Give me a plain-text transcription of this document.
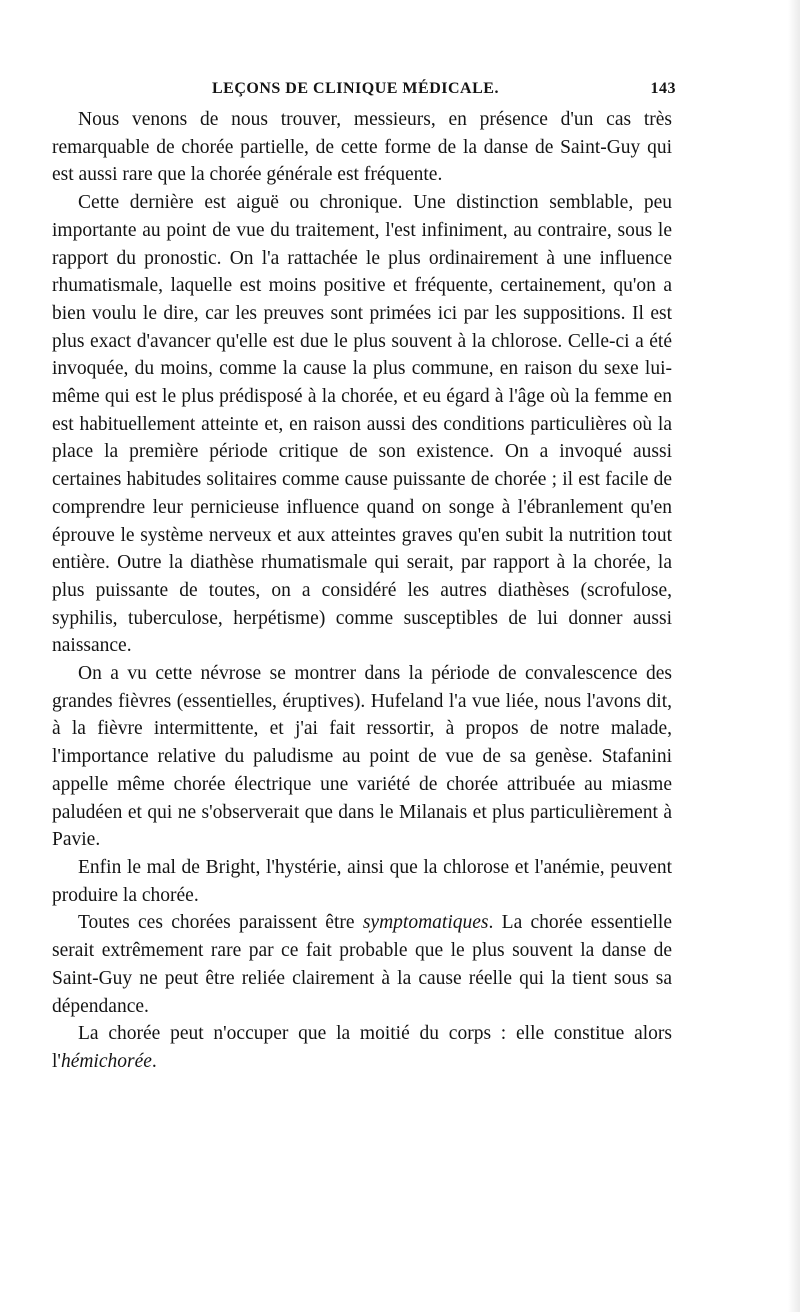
LEÇONS DE CLINIQUE MÉDICALE.	143

Nous venons de nous trouver, messieurs, en présence d'un cas très remarquable de chorée partielle, de cette forme de la danse de Saint-Guy qui est aussi rare que la chorée générale est fréquente.

Cette dernière est aiguë ou chronique. Une distinction semblable, peu importante au point de vue du traitement, l'est infiniment, au contraire, sous le rapport du pronostic. On l'a rattachée le plus ordinairement à une influence rhumatismale, laquelle est moins positive et fréquente, certainement, qu'on a bien voulu le dire, car les preuves sont primées ici par les suppositions. Il est plus exact d'avancer qu'elle est due le plus souvent à la chlorose. Celle-ci a été invoquée, du moins, comme la cause la plus commune, en raison du sexe lui-même qui est le plus prédisposé à la chorée, et eu égard à l'âge où la femme en est habituellement atteinte et, en raison aussi des conditions particulières où la place la première période critique de son existence. On a invoqué aussi certaines habitudes solitaires comme cause puissante de chorée ; il est facile de comprendre leur pernicieuse influence quand on songe à l'ébranlement qu'en éprouve le système nerveux et aux atteintes graves qu'en subit la nutrition tout entière. Outre la diathèse rhumatismale qui serait, par rapport à la chorée, la plus puissante de toutes, on a considéré les autres diathèses (scrofulose, syphilis, tuberculose, herpétisme) comme susceptibles de lui donner aussi naissance.

On a vu cette névrose se montrer dans la période de convalescence des grandes fièvres (essentielles, éruptives). Hufeland l'a vue liée, nous l'avons dit, à la fièvre intermittente, et j'ai fait ressortir, à propos de notre malade, l'importance relative du paludisme au point de vue de sa genèse. Stafanini appelle même chorée électrique une variété de chorée attribuée au miasme paludéen et qui ne s'observerait que dans le Milanais et plus particulièrement à Pavie.

Enfin le mal de Bright, l'hystérie, ainsi que la chlorose et l'anémie, peuvent produire la chorée.

Toutes ces chorées paraissent être symptomatiques. La chorée essentielle serait extrêmement rare par ce fait probable que le plus souvent la danse de Saint-Guy ne peut être reliée clairement à la cause réelle qui la tient sous sa dépendance.

La chorée peut n'occuper que la moitié du corps : elle constitue alors l'hémichorée.
